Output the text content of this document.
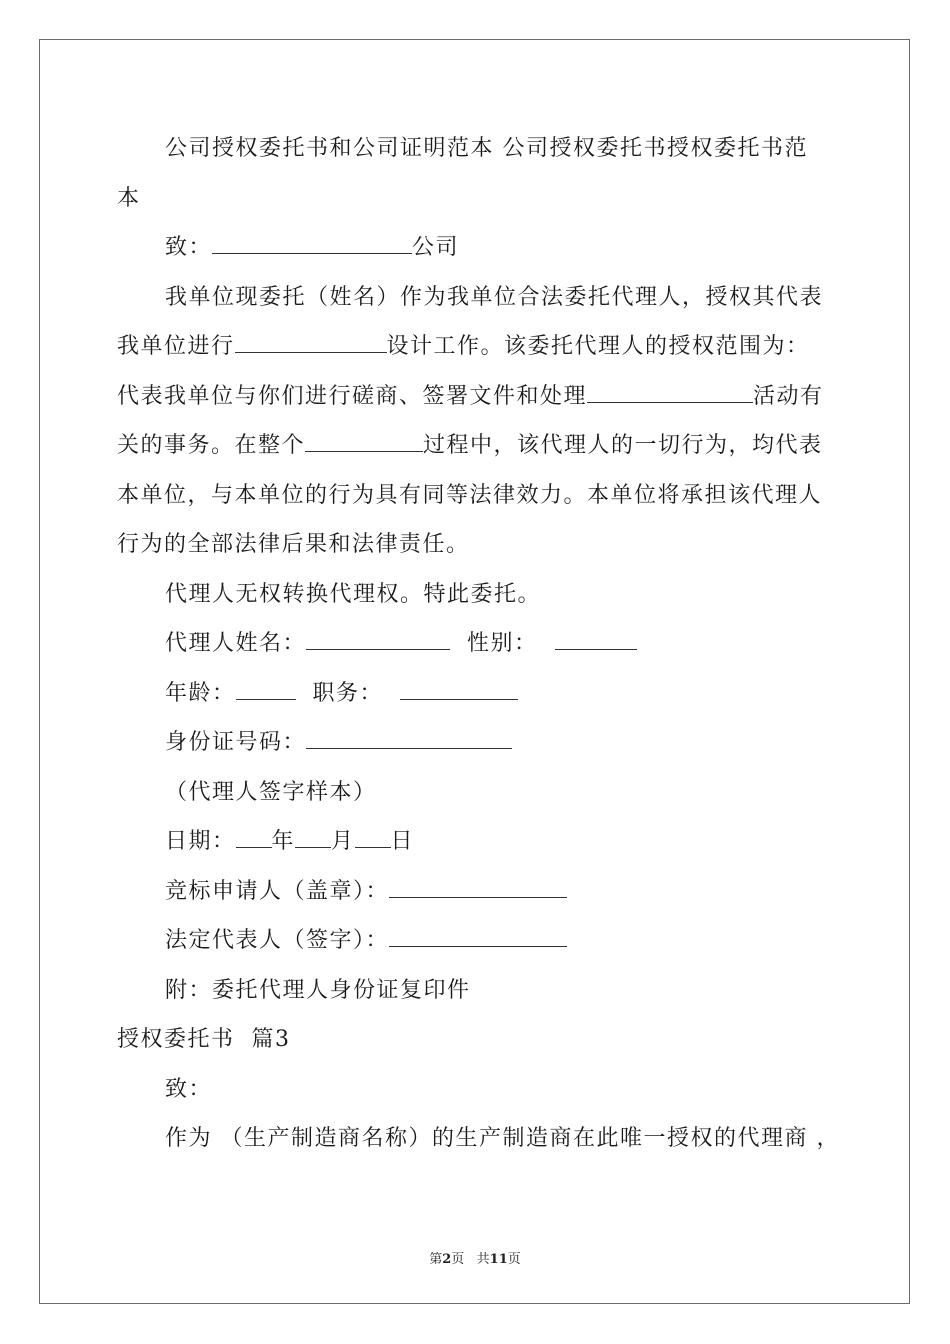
公司授权委托书和公司证明范本 公司授权委托书授权委托书范

本

致：	公司

我单位现委托（姓名）作为我单位合法委托代理人，授权其代表

我单位进行	设计工作。该委托代理人的授权范围为：

代表我单位与你们进行磋商、签署文件和处理	活动有

关的事务。在整个	过程中，该代理人的一切行为，均代表

本单位，与本单位的行为具有同等法律效力。本单位将承担该代理人

行为的全部法律后果和法律责任。

代理人无权转换代理权。特此委托。

代理人姓名：	性别：

年龄：	职务：

身份证号码：

（代理人签字样本）

日期： 年 月 日

竞标申请人（盖章）：

法定代表人（签字）：

附：委托代理人身份证复印件

授权委托书  篇3

致：

作为 （生产制造商名称）的生产制造商在此唯一授权的代理商 ，

第2页   共11页
